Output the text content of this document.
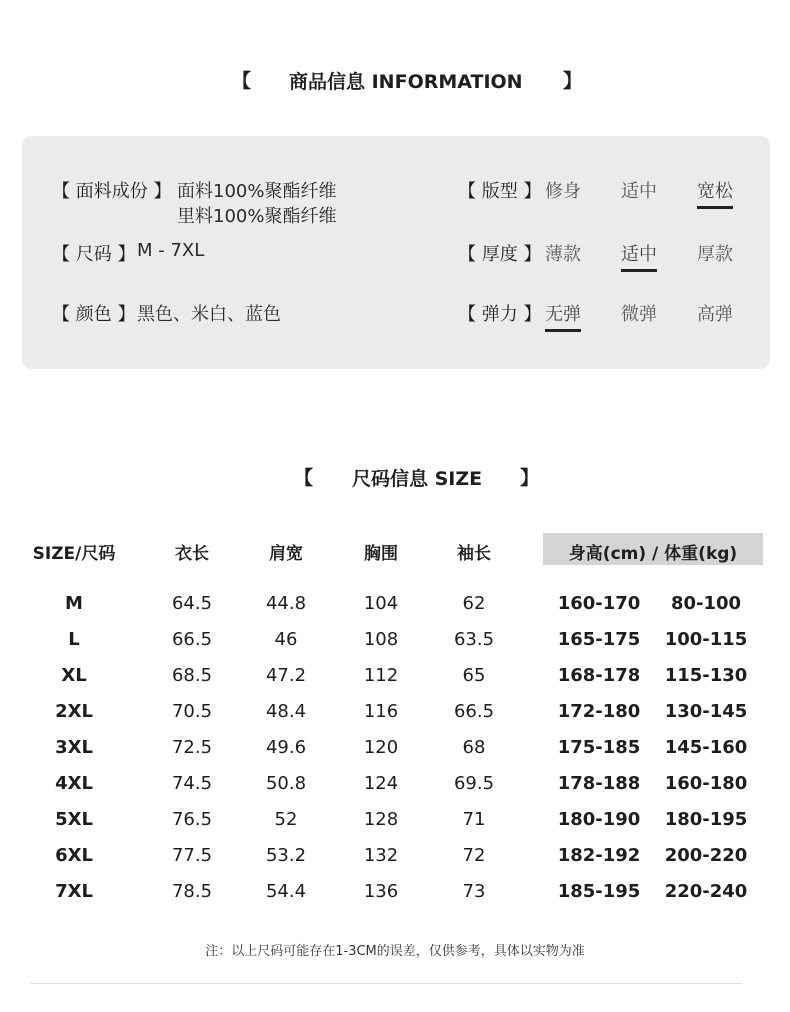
【 商品信息 INFORMATION 】
【 面料成份 】 面料100%聚酯纤维
里料100%聚酯纤维
【 尺码 】 M - 7XL
【 颜色 】 黑色、米白、蓝色
【 版型 】 修身 适中 宽松
【 厚度 】 薄款 适中 厚款
【 弹力 】 无弹 微弹 高弹
【 尺码信息 SIZE 】
SIZE/尺码	衣长	肩宽	胸围	袖长	身高(cm) / 体重(kg)
M	64.5	44.8	104	62	160-170	80-100
L	66.5	46	108	63.5	165-175	100-115
XL	68.5	47.2	112	65	168-178	115-130
2XL	70.5	48.4	116	66.5	172-180	130-145
3XL	72.5	49.6	120	68	175-185	145-160
4XL	74.5	50.8	124	69.5	178-188	160-180
5XL	76.5	52	128	71	180-190	180-195
6XL	77.5	53.2	132	72	182-192	200-220
7XL	78.5	54.4	136	73	185-195	220-240
注：以上尺码可能存在1-3CM的误差，仅供参考，具体以实物为准
